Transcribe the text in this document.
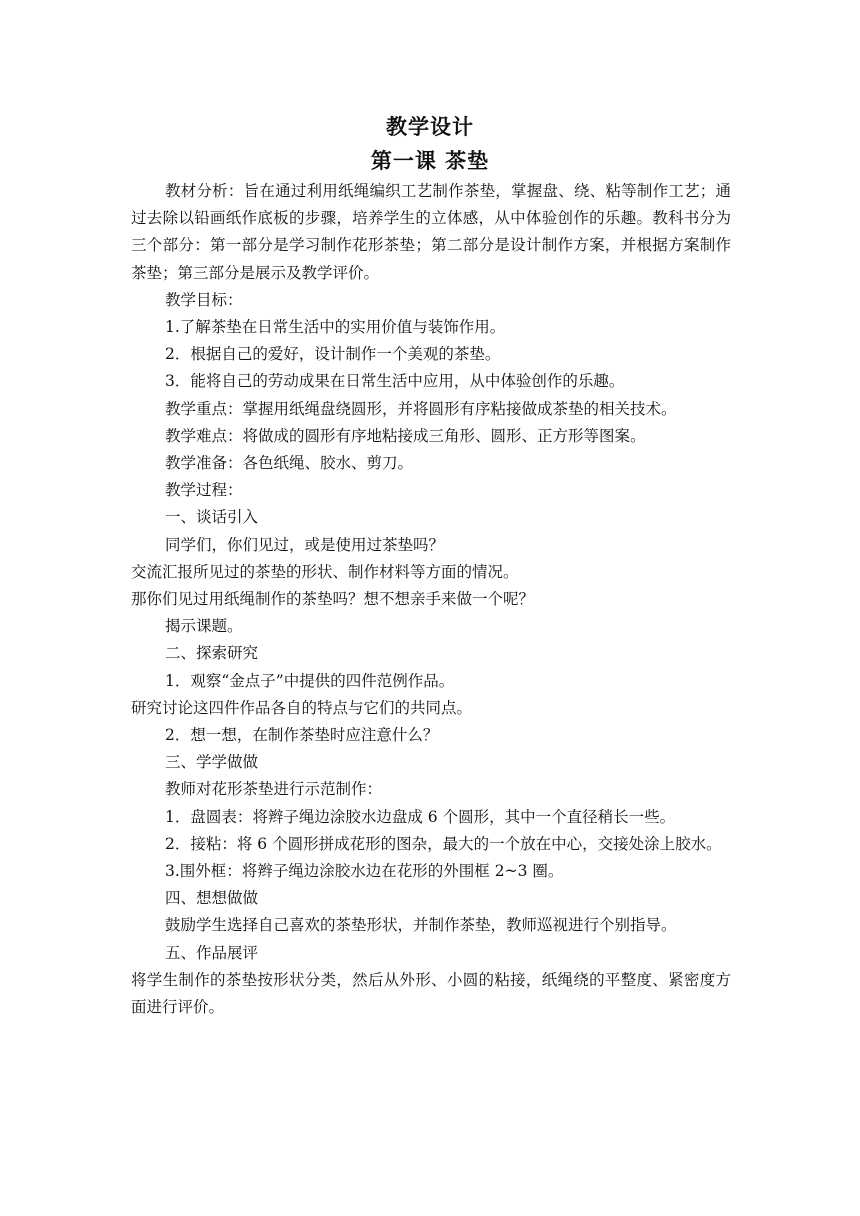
教学设计
第一课 茶垫

教材分析：旨在通过利用纸绳编织工艺制作茶垫，掌握盘、绕、粘等制作工艺；通过去除以铅画纸作底板的步骤，培养学生的立体感，从中体验创作的乐趣。教科书分为三个部分：第一部分是学习制作花形茶垫；第二部分是设计制作方案，并根据方案制作茶垫；第三部分是展示及教学评价。

教学目标：

1.了解茶垫在日常生活中的实用价值与装饰作用。

2．根据自己的爱好，设计制作一个美观的茶垫。

3．能将自己的劳动成果在日常生活中应用，从中体验创作的乐趣。

教学重点：掌握用纸绳盘绕圆形，并将圆形有序粘接做成茶垫的相关技术。

教学难点：将做成的圆形有序地粘接成三角形、圆形、正方形等图案。

教学准备：各色纸绳、胶水、剪刀。

教学过程：

一、谈话引入

同学们，你们见过，或是使用过茶垫吗？

交流汇报所见过的茶垫的形状、制作材料等方面的情况。

那你们见过用纸绳制作的茶垫吗？想不想亲手来做一个呢？

揭示课题。

二、探索研究

1．观察“金点子”中提供的四件范例作品。

研究讨论这四件作品各自的特点与它们的共同点。

2．想一想，在制作茶垫时应注意什么？

三、学学做做

教师对花形茶垫进行示范制作：

1．盘圆表：将辫子绳边涂胶水边盘成 6 个圆形，其中一个直径稍长一些。

2．接粘：将 6 个圆形拼成花形的图杂，最大的一个放在中心，交接处涂上胶水。

3.围外框：将辫子绳边涂胶水边在花形的外围框 2~3 圈。

四、想想做做

鼓励学生选择自己喜欢的茶垫形状，并制作茶垫，教师巡视进行个别指导。

五、作品展评

将学生制作的茶垫按形状分类，然后从外形、小圆的粘接，纸绳绕的平整度、紧密度方面进行评价。
